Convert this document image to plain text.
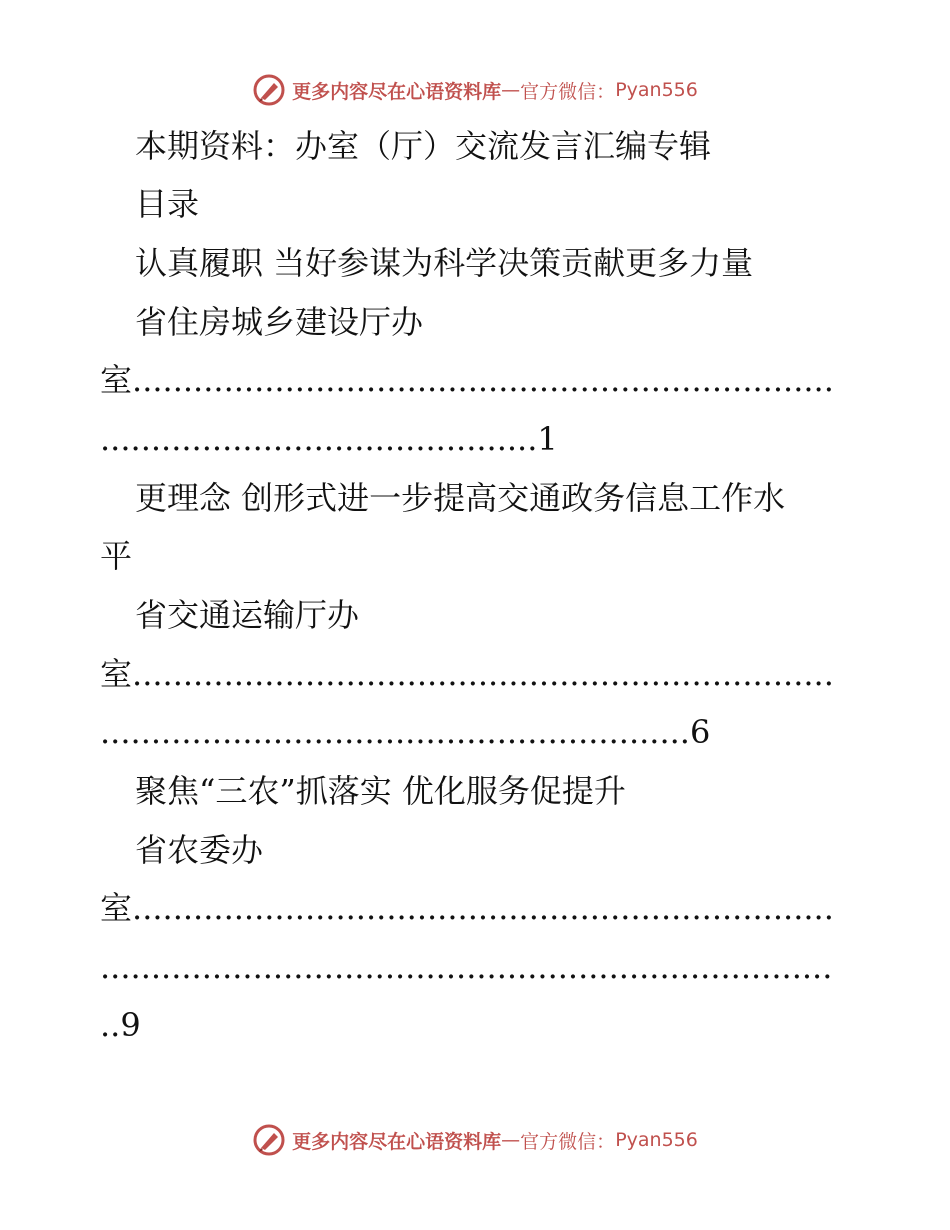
更多内容尽在心语资料库 — 官方微信： Pyan556
本期资料：办室（厅）交流发言汇编专辑
目录
认真履职 当好参谋为科学决策贡献更多力量
省住房城乡建设厅办
室.....................................................................
...........................................1
更理念 创形式进一步提高交通政务信息工作水
平
省交通运输厅办
室.....................................................................
..........................................................6
聚焦“三农”抓落实 优化服务促提升
省农委办
室.....................................................................
........................................................................
..9
更多内容尽在心语资料库 — 官方微信： Pyan556
